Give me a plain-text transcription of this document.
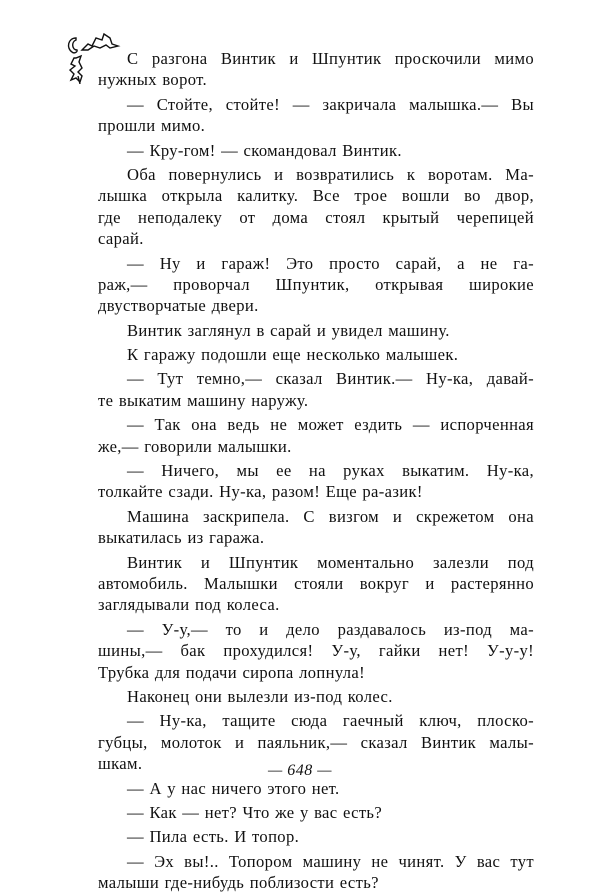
С разгона Винтик и Шпунтик проскочили мимо
нужных ворот.
— Стойте, стойте! — закричала малышка.— Вы
прошли мимо.
— Кру-гом! — скомандовал Винтик.
Оба повернулись и возвратились к воротам. Ма-
лышка открыла калитку. Все трое вошли во двор,
где неподалеку от дома стоял крытый черепицей
сарай.
— Ну и гараж! Это просто сарай, а не га-
раж,— проворчал Шпунтик, открывая широкие
двустворчатые двери.
Винтик заглянул в сарай и увидел машину.
К гаражу подошли еще несколько малышек.
— Тут темно,— сказал Винтик.— Ну-ка, давай-
те выкатим машину наружу.
— Так она ведь не может ездить — испорченная
же,— говорили малышки.
— Ничего, мы ее на руках выкатим. Ну-ка,
толкайте сзади. Ну-ка, разом! Еще ра-азик!
Машина заскрипела. С визгом и скрежетом она
выкатилась из гаража.
Винтик и Шпунтик моментально залезли под
автомобиль. Малышки стояли вокруг и растерянно
заглядывали под колеса.
— У-у,— то и дело раздавалось из-под ма-
шины,— бак прохудился! У-у, гайки нет! У-у-у!
Трубка для подачи сиропа лопнула!
Наконец они вылезли из-под колес.
— Ну-ка, тащите сюда гаечный ключ, плоско-
губцы, молоток и паяльник,— сказал Винтик малы-
шкам.
— А у нас ничего этого нет.
— Как — нет? Что же у вас есть?
— Пила есть. И топор.
— Эх вы!.. Топором машину не чинят. У вас тут
малыши где-нибудь поблизости есть?
— 648 —
